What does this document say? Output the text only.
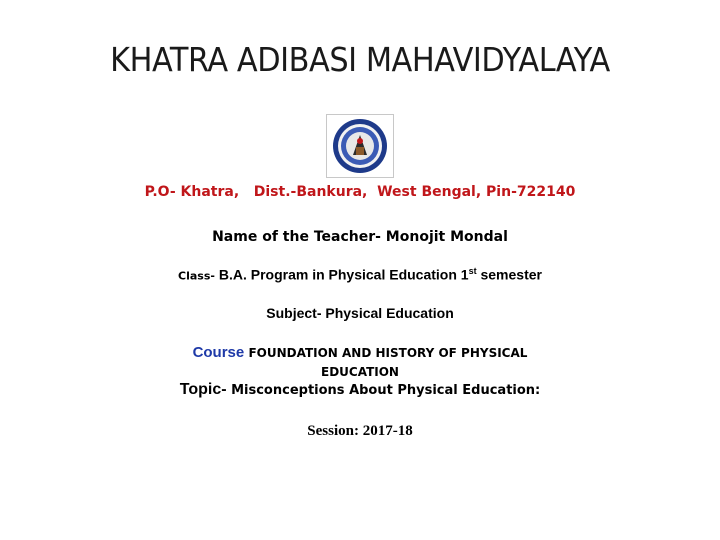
KHATRA ADIBASI MAHAVIDYALAYA
P.O- Khatra,   Dist.-Bankura,  West Bengal, Pin-722140
Name of the Teacher- Monojit Mondal
Class- B.A. Program in Physical Education 1st semester
Subject- Physical Education
Course FOUNDATION AND HISTORY OF PHYSICAL EDUCATION
Topic- Misconceptions About Physical Education:
Session: 2017-18
